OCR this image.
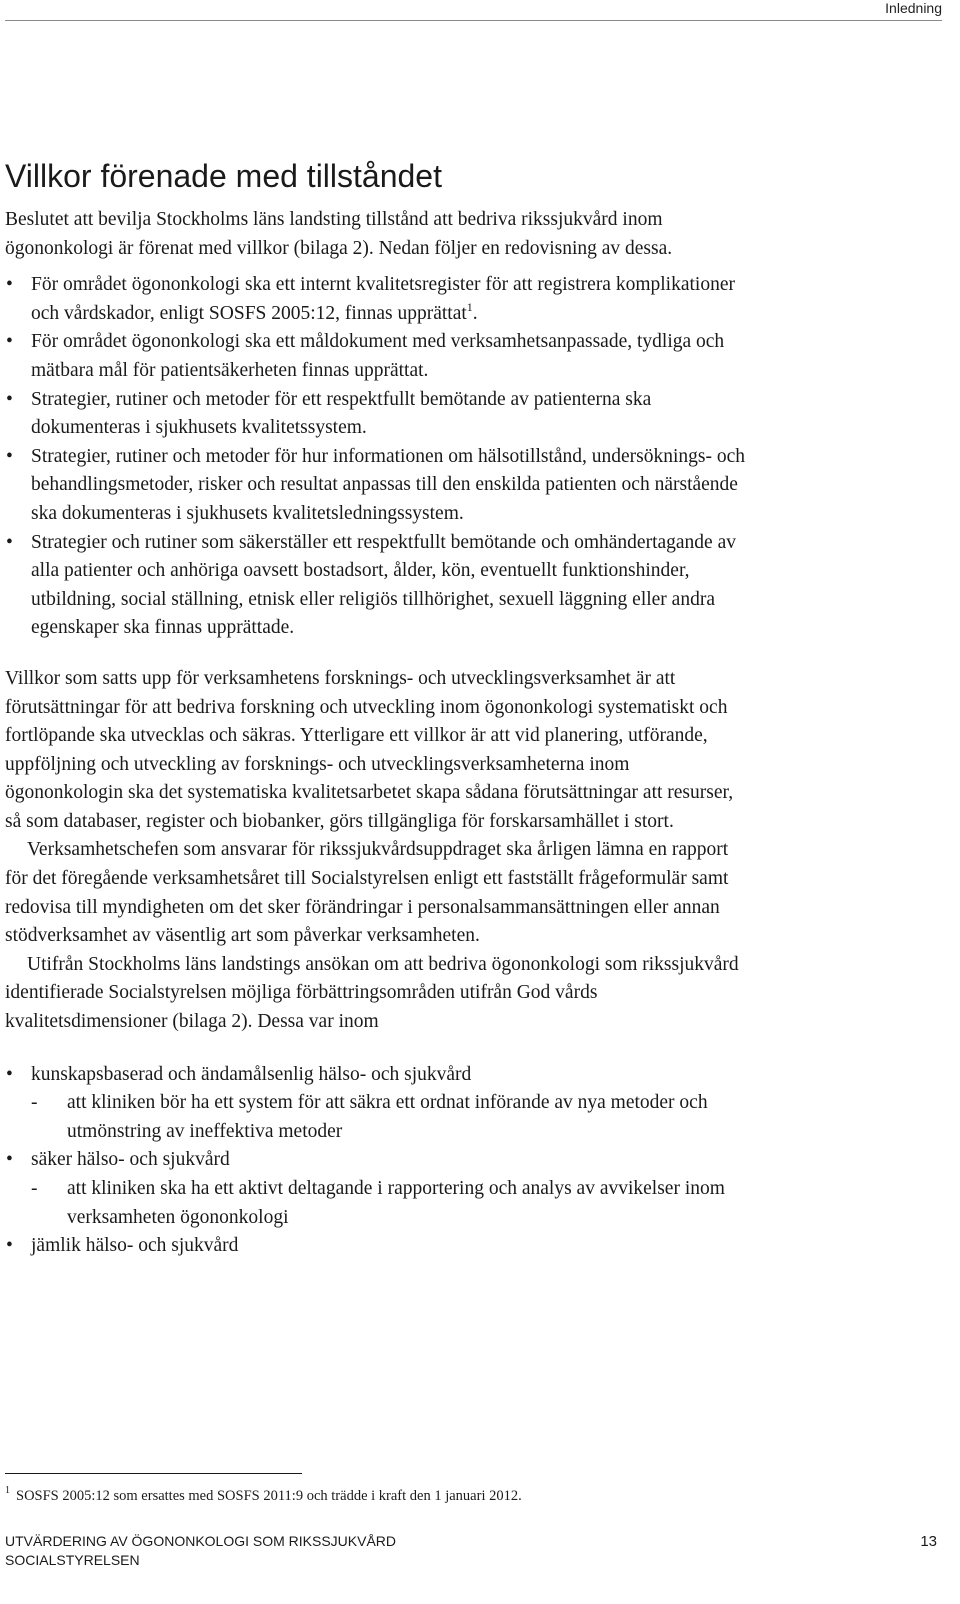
Inledning
Villkor förenade med tillståndet

Beslutet att bevilja Stockholms läns landsting tillstånd att bedriva rikssjukvård inom ögononkologi är förenat med villkor (bilaga 2). Nedan följer en redovisning av dessa.

• För området ögononkologi ska ett internt kvalitetsregister för att registrera komplikationer och vårdskador, enligt SOSFS 2005:12, finnas upprättat$^1$.
• För området ögononkologi ska ett måldokument med verksamhetsanpassade, tydliga och mätbara mål för patientsäkerheten finnas upprättat.
• Strategier, rutiner och metoder för ett respektfullt bemötande av patienterna ska dokumenteras i sjukhusets kvalitetssystem.
• Strategier, rutiner och metoder för hur informationen om hälsotillstånd, undersöknings- och behandlingsmetoder, risker och resultat anpassas till den enskilda patienten och närstående ska dokumenteras i sjukhusets kvalitetsledningssystem.
• Strategier och rutiner som säkerställer ett respektfullt bemötande och omhändertagande av alla patienter och anhöriga oavsett bostadsort, ålder, kön, eventuellt funktionshinder, utbildning, social ställning, etnisk eller religiös tillhörighet, sexuell läggning eller andra egenskaper ska finnas upprättade.

Villkor som satts upp för verksamhetens forsknings- och utvecklingsverksamhet är att förutsättningar för att bedriva forskning och utveckling inom ögononkologi systematiskt och fortlöpande ska utvecklas och säkras. Ytterligare ett villkor är att vid planering, utförande, uppföljning och utveckling av forsknings- och utvecklingsverksamheterna inom ögononkologin ska det systematiska kvalitetsarbetet skapa sådana förutsättningar att resurser, så som databaser, register och biobanker, görs tillgängliga för forskarsamhället i stort.

Verksamhetschefen som ansvarar för rikssjukvårdsuppdraget ska årligen lämna en rapport för det föregående verksamhetsåret till Socialstyrelsen enligt ett fastställt frågeformulär samt redovisa till myndigheten om det sker förändringar i personalsammansättningen eller annan stödverksamhet av väsentlig art som påverkar verksamheten.

Utifrån Stockholms läns landstings ansökan om att bedriva ögononkologi som rikssjukvård identifierade Socialstyrelsen möjliga förbättringsområden utifrån God vårds kvalitetsdimensioner (bilaga 2). Dessa var inom

• kunskapsbaserad och ändamålsenlig hälso- och sjukvård
- att kliniken bör ha ett system för att säkra ett ordnat införande av nya metoder och utmönstring av ineffektiva metoder
• säker hälso- och sjukvård
- att kliniken ska ha ett aktivt deltagande i rapportering och analys av avvikelser inom verksamheten ögononkologi
• jämlik hälso- och sjukvård
$^1$ SOSFS 2005:12 som ersattes med SOSFS 2011:9 och trädde i kraft den 1 januari 2012.
UTVÄRDERING AV ÖGONONKOLOGI SOM RIKSSJUKVÅRD
SOCIALSTYRELSEN
13
